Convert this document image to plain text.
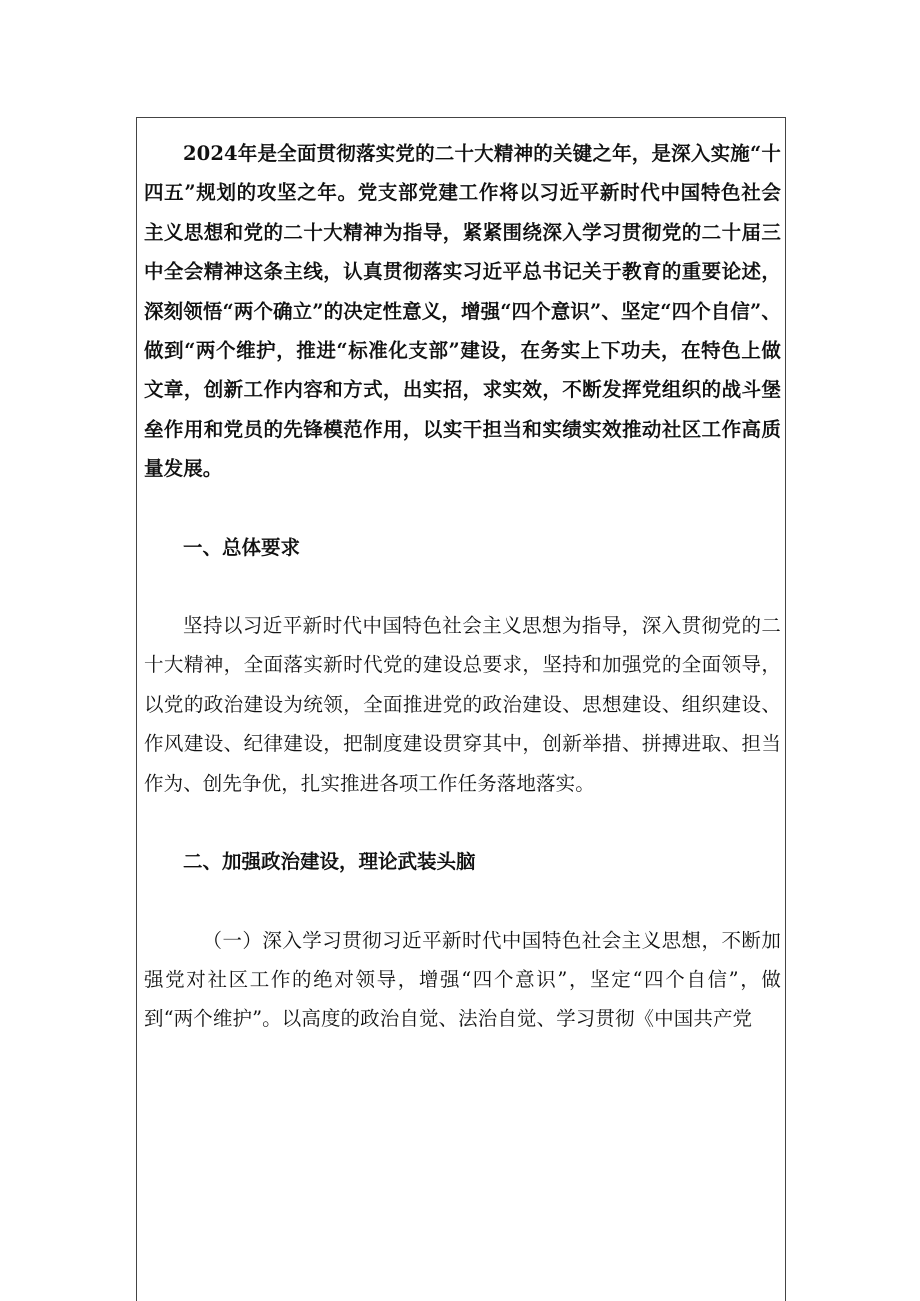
2024年是全面贯彻落实党的二十大精神的关键之年，是深入实施“十四五”规划的攻坚之年。党支部党建工作将以习近平新时代中国特色社会主义思想和党的二十大精神为指导，紧紧围绕深入学习贯彻党的二十届三中全会精神这条主线，认真贯彻落实习近平总书记关于教育的重要论述，深刻领悟“两个确立”的决定性意义，增强“四个意识”、坚定“四个自信”、做到“两个维护，推进“标准化支部”建设，在务实上下功夫，在特色上做文章，创新工作内容和方式，出实招，求实效，不断发挥党组织的战斗堡垒作用和党员的先锋模范作用，以实干担当和实绩实效推动社区工作高质量发展。

一、总体要求

坚持以习近平新时代中国特色社会主义思想为指导，深入贯彻党的二十大精神，全面落实新时代党的建设总要求，坚持和加强党的全面领导，以党的政治建设为统领，全面推进党的政治建设、思想建设、组织建设、作风建设、纪律建设，把制度建设贯穿其中，创新举措、拼搏进取、担当作为、创先争优，扎实推进各项工作任务落地落实。

二、加强政治建设，理论武装头脑

（一）深入学习贯彻习近平新时代中国特色社会主义思想，不断加强党对社区工作的绝对领导，增强“四个意识”，坚定“四个自信”，做到“两个维护”。以高度的政治自觉、法治自觉、学习贯彻《中国共产党
